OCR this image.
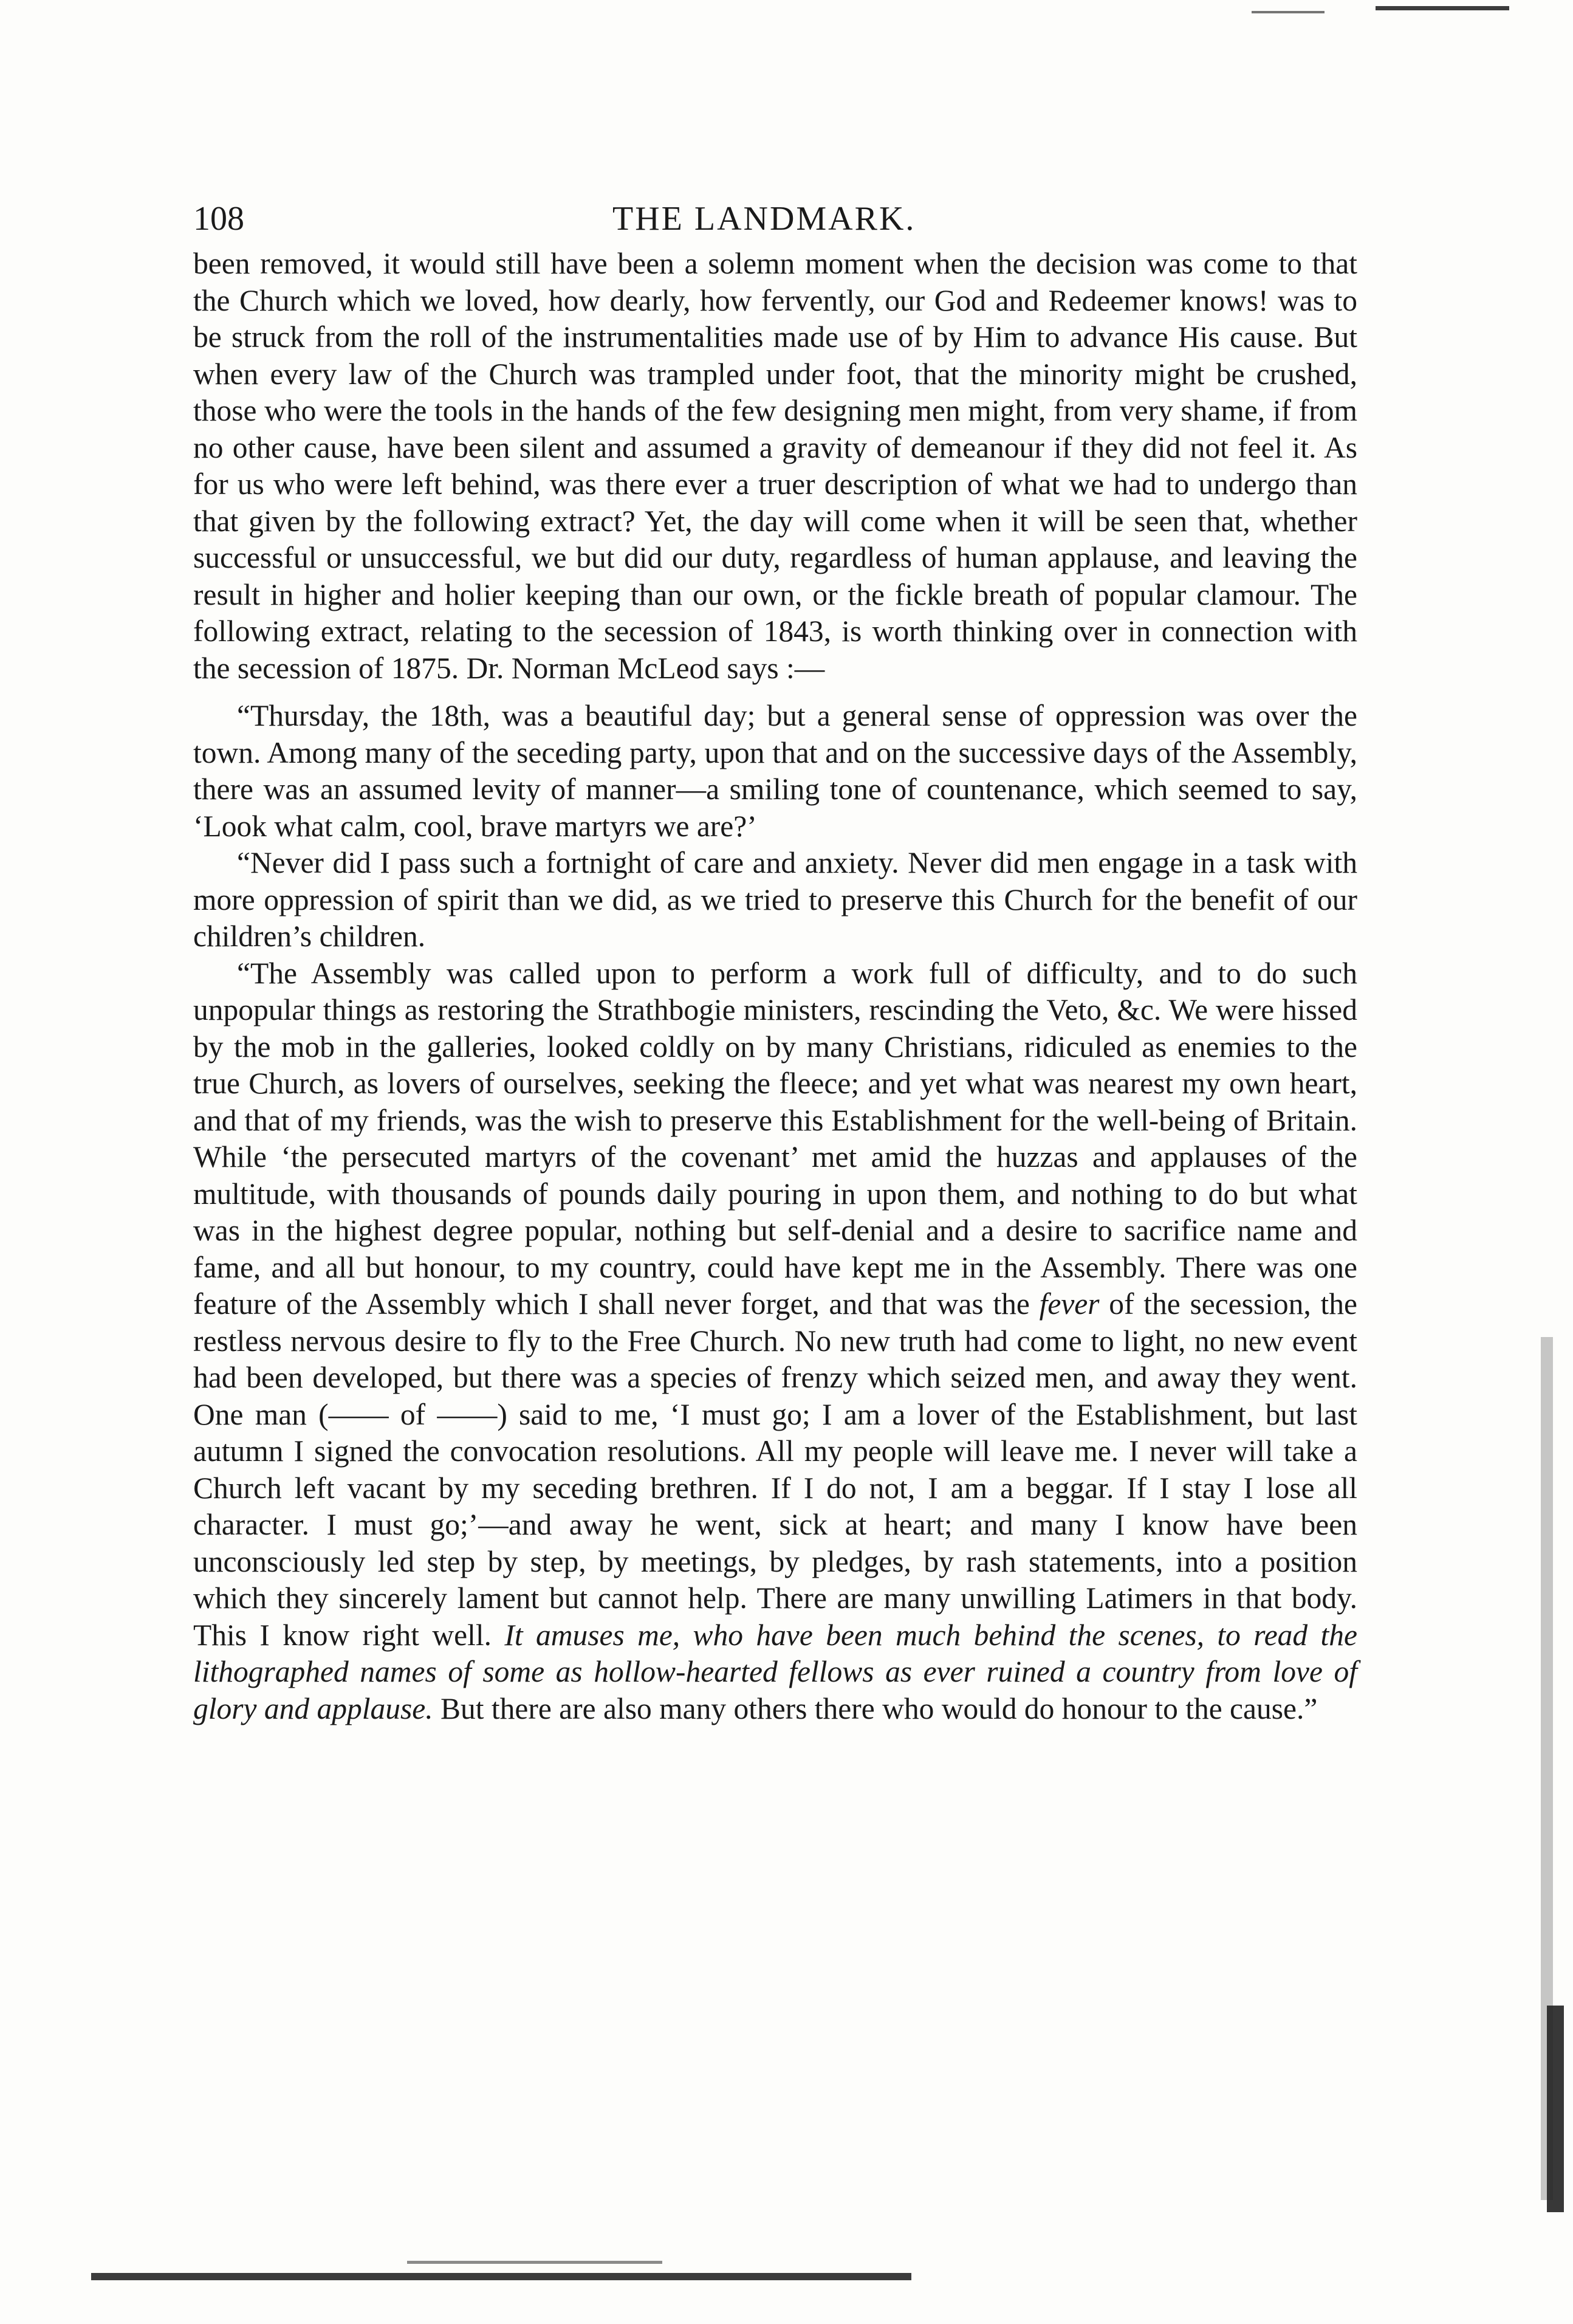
108	THE LANDMARK.

been removed, it would still have been a solemn moment when the decision was come to that the Church which we loved, how dearly, how fervently, our God and Redeemer knows! was to be struck from the roll of the instrumentalities made use of by Him to advance His cause. But when every law of the Church was trampled under foot, that the minority might be crushed, those who were the tools in the hands of the few designing men might, from very shame, if from no other cause, have been silent and assumed a gravity of demeanour if they did not feel it. As for us who were left behind, was there ever a truer description of what we had to undergo than that given by the following extract? Yet, the day will come when it will be seen that, whether successful or unsuccessful, we but did our duty, regardless of human applause, and leaving the result in higher and holier keeping than our own, or the fickle breath of popular clamour. The following extract, relating to the secession of 1843, is worth thinking over in connection with the secession of 1875. Dr. Norman McLeod says :—

“Thursday, the 18th, was a beautiful day; but a general sense of oppression was over the town. Among many of the seceding party, upon that and on the successive days of the Assembly, there was an assumed levity of manner—a smiling tone of countenance, which seemed to say, ‘Look what calm, cool, brave martyrs we are?’

“Never did I pass such a fortnight of care and anxiety. Never did men engage in a task with more oppression of spirit than we did, as we tried to preserve this Church for the benefit of our children’s children.

“The Assembly was called upon to perform a work full of difficulty, and to do such unpopular things as restoring the Strathbogie ministers, rescinding the Veto, &c. We were hissed by the mob in the galleries, looked coldly on by many Christians, ridiculed as enemies to the true Church, as lovers of ourselves, seeking the fleece; and yet what was nearest my own heart, and that of my friends, was the wish to preserve this Establishment for the well-being of Britain. While ‘the persecuted martyrs of the covenant’ met amid the huzzas and applauses of the multitude, with thousands of pounds daily pouring in upon them, and nothing to do but what was in the highest degree popular, nothing but self-denial and a desire to sacrifice name and fame, and all but honour, to my country, could have kept me in the Assembly. There was one feature of the Assembly which I shall never forget, and that was the fever of the secession, the restless nervous desire to fly to the Free Church. No new truth had come to light, no new event had been developed, but there was a species of frenzy which seized men, and away they went. One man (—— of ——) said to me, ‘I must go; I am a lover of the Establishment, but last autumn I signed the convocation resolutions. All my people will leave me. I never will take a Church left vacant by my seceding brethren. If I do not, I am a beggar. If I stay I lose all character. I must go;’—and away he went, sick at heart; and many I know have been unconsciously led step by step, by meetings, by pledges, by rash statements, into a position which they sincerely lament but cannot help. There are many unwilling Latimers in that body. This I know right well. It amuses me, who have been much behind the scenes, to read the lithographed names of some as hollow-hearted fellows as ever ruined a country from love of glory and applause. But there are also many others there who would do honour to the cause.”
